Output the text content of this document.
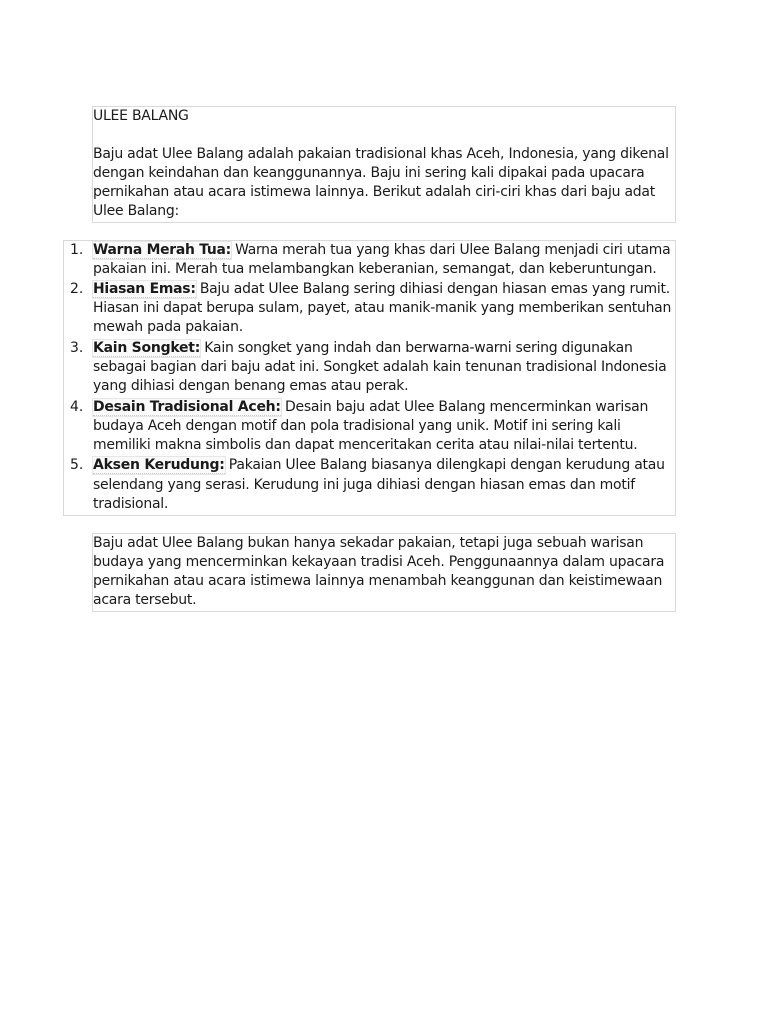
ULEE BALANG
Baju adat Ulee Balang adalah pakaian tradisional khas Aceh, Indonesia, yang dikenal
dengan keindahan dan keanggunannya. Baju ini sering kali dipakai pada upacara
pernikahan atau acara istimewa lainnya. Berikut adalah ciri-ciri khas dari baju adat
Ulee Balang:
1. Warna Merah Tua: Warna merah tua yang khas dari Ulee Balang menjadi ciri utama
pakaian ini. Merah tua melambangkan keberanian, semangat, dan keberuntungan.
2. Hiasan Emas: Baju adat Ulee Balang sering dihiasi dengan hiasan emas yang rumit.
Hiasan ini dapat berupa sulam, payet, atau manik-manik yang memberikan sentuhan
mewah pada pakaian.
3. Kain Songket: Kain songket yang indah dan berwarna-warni sering digunakan
sebagai bagian dari baju adat ini. Songket adalah kain tenunan tradisional Indonesia
yang dihiasi dengan benang emas atau perak.
4. Desain Tradisional Aceh: Desain baju adat Ulee Balang mencerminkan warisan
budaya Aceh dengan motif dan pola tradisional yang unik. Motif ini sering kali
memiliki makna simbolis dan dapat menceritakan cerita atau nilai-nilai tertentu.
5. Aksen Kerudung: Pakaian Ulee Balang biasanya dilengkapi dengan kerudung atau
selendang yang serasi. Kerudung ini juga dihiasi dengan hiasan emas dan motif
tradisional.
Baju adat Ulee Balang bukan hanya sekadar pakaian, tetapi juga sebuah warisan
budaya yang mencerminkan kekayaan tradisi Aceh. Penggunaannya dalam upacara
pernikahan atau acara istimewa lainnya menambah keanggunan dan keistimewaan
acara tersebut.
